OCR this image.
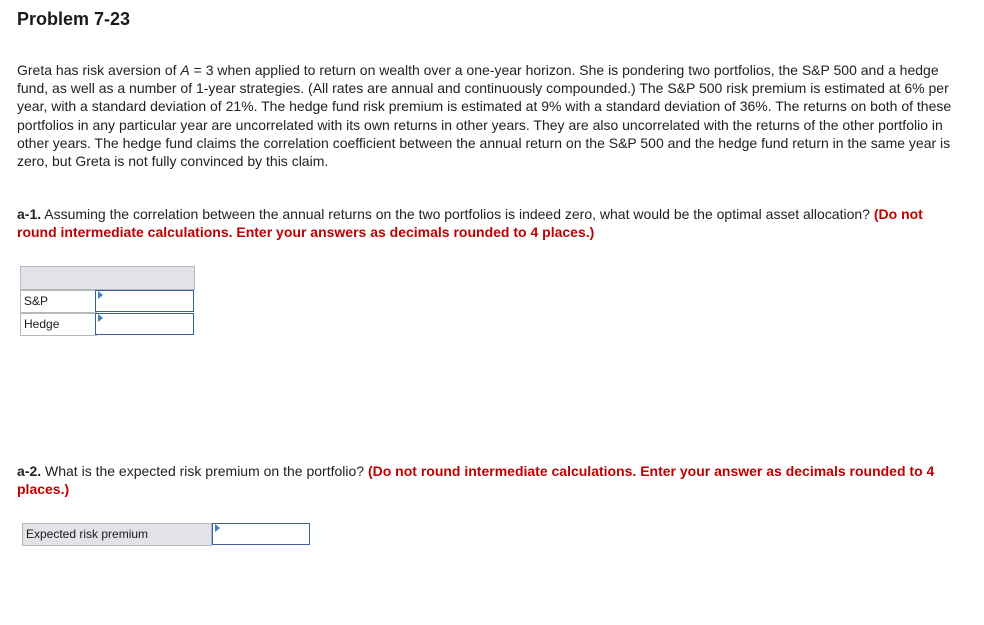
Problem 7-23

Greta has risk aversion of A = 3 when applied to return on wealth over a one-year horizon. She is pondering two portfolios, the S&P 500 and a hedge fund, as well as a number of 1-year strategies. (All rates are annual and continuously compounded.) The S&P 500 risk premium is estimated at 6% per year, with a standard deviation of 21%. The hedge fund risk premium is estimated at 9% with a standard deviation of 36%. The returns on both of these portfolios in any particular year are uncorrelated with its own returns in other years. They are also uncorrelated with the returns of the other portfolio in other years. The hedge fund claims the correlation coefficient between the annual return on the S&P 500 and the hedge fund return in the same year is zero, but Greta is not fully convinced by this claim.

a-1. Assuming the correlation between the annual returns on the two portfolios is indeed zero, what would be the optimal asset allocation? (Do not round intermediate calculations. Enter your answers as decimals rounded to 4 places.)

S&P
Hedge

a-2. What is the expected risk premium on the portfolio? (Do not round intermediate calculations. Enter your answer as decimals rounded to 4 places.)

Expected risk premium
